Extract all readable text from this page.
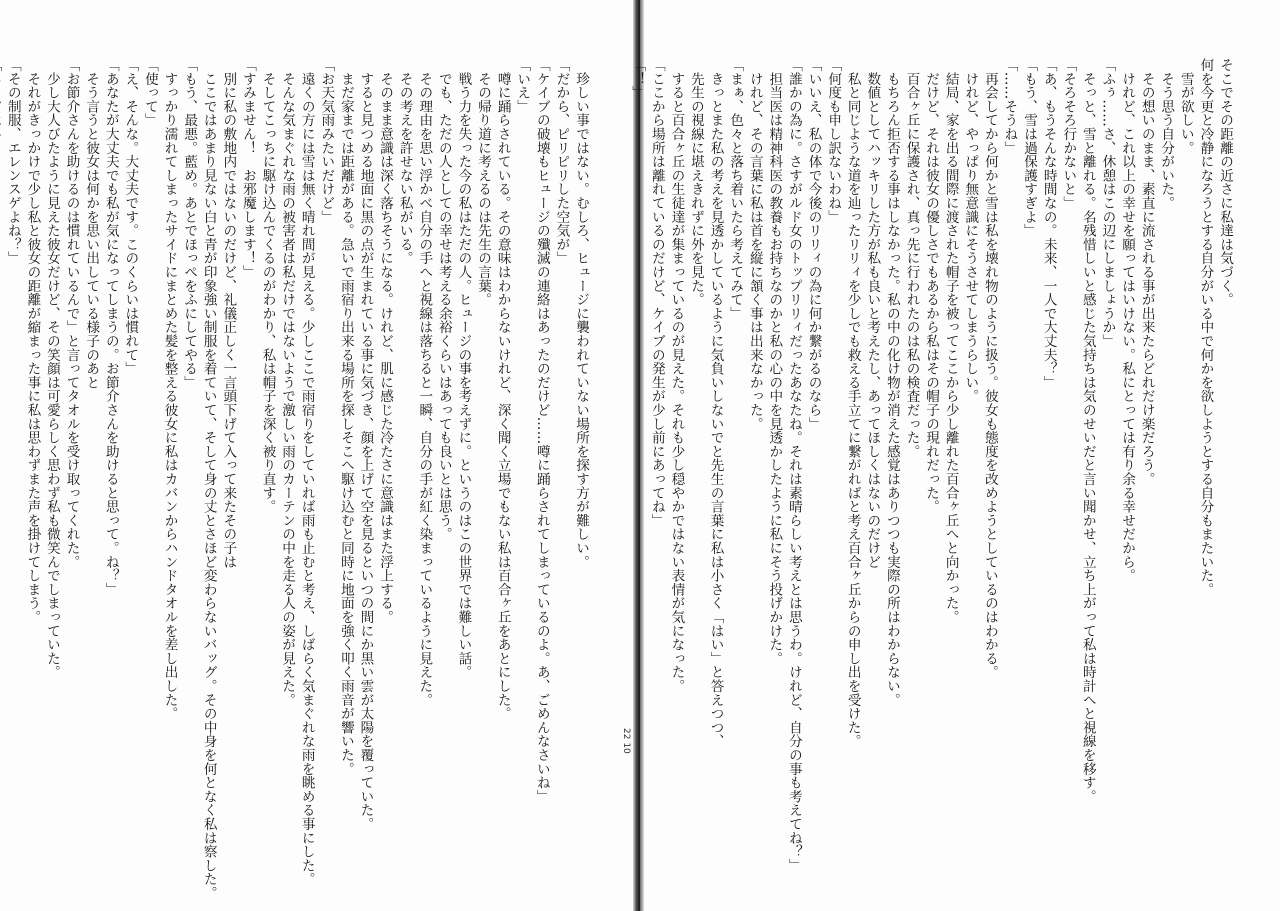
そこでその距離の近さに私達は気づく。
何を今更と冷静になろうとする自分がいる中で何かを欲しようとする自分もまたいた。
　雪が欲しい。
　そう思う自分がいた。
　その想いのまま、素直に流される事が出来たらどれだけ楽だろう。
　けれど、これ以上の幸せを願ってはいけない。私にとっては有り余る幸せだから。
「ふぅ……さ、休憩はこの辺にしましょうか」
　そっと、雪と離れる。名残惜しいと感じた気持ちは気のせいだと言い聞かせ、立ち上がって私は時計へと視線を移す。
「そろそろ行かないと」
「あ、もうそんな時間なの。未来、一人で大丈夫？」
「もう、雪は過保護すぎよ」
「……そうね」
　再会してから何かと雪は私を壊れ物のように扱う。彼女も態度を改めようとしているのはわかる。
　けれど、やっぱり無意識にそうさせてしまうらしい。
　結局、家を出る間際に渡された帽子を被ってここから少し離れた百合ヶ丘へと向かった。
　だけど、それは彼女の優しさでもあるから私はその帽子の現れだった。
　百合ヶ丘に保護され、真っ先に行われたのは私の検査だった。
　もちろん拒否する事はしなかった。私の中の化け物が消えた感覚はありつつも実際の所はわからない。
　数値としてハッキリした方が私も良いと考えたし、あってほしくはないのだけど
　私と同じような道を辿ったリリィを少しでも救える手立てに繋がればと考え百合ヶ丘からの申し出を受けた。
「何度も申し訳ないわね」
「いいえ、私の体で今後のリリィの為に何か繋がるのなら」
「誰かの為に。さすがルド女のトップリリィだったあなたね。それは素晴らしい考えとは思うわ。けれど、自分の事も考えてね？」
　担当医は精神科医の教養もお持ちなのかと私の心の中を見透かしたように私にそう投げかけた。
　けれど、その言葉に私は首を縦に頷く事は出来なかった。
「まぁ、色々と落ち着いたら考えてみて」
　きっとまた私の考えを見透かしているように気負いしないでと先生の言葉に私は小さく「はい」と答えつつ、
　先生の視線に堪えきれずに外を見た。
　すると百合ヶ丘の生徒達が集まっているのが見えた。それも少し穏やかではない表情が気になった。
「ここから場所は離れているのだけど、ケイブの発生が少し前にあってね」
「！」
　珍しい事ではない。むしろ、ヒュージに襲われていない場所を探す方が難しい。
「だから、ピリピリした空気が」
「ケイブの破壊もヒュージの殲滅の連絡はあったのだけど……噂に踊らされてしまっているのよ。あ、ごめんなさいね」
「いえ」
　噂に踊らされている。その意味はわからないけれど、深く聞く立場でもない私は百合ヶ丘をあとにした。
　その帰り道に考えるのは先生の言葉。
　戦う力を失った今の私はただの人。ヒュージの事を考えずに。というのはこの世界では難しい話。
　でも、ただの人としての幸せは考える余裕くらいはあっても良いとは思う。
　その理由を思い浮かべ自分の手へと視線は落ちると一瞬、自分の手が紅く染まっているように見えた。
　その考えを許せない私がいる。
　そのまま意識は深く落ちそうになる。けれど、肌に感じた冷たさに意識はまた浮上する。
　すると見つめる地面に黒の点が生まれている事に気づき、顔を上げて空を見るといつの間にか黒い雲が太陽を覆っていた。
　まだ家までは距離がある。急いで雨宿り出来る場所を探しそこへ駆け込むと同時に地面を強く叩く雨音が響いた。
「お天気雨みたいだけど」
　遠くの方には雪は無く晴れ間が見える。少しここで雨宿りをしていれば雨も止むと考え、しばらく気まぐれな雨を眺める事にした。
　そんな気まぐれな雨の被害者は私だけではないようで激しい雨のカーテンの中を走る人の姿が見えた。
　そしてこっちに駆け込んでくるのがわかり、私は帽子を深く被り直す。
「すみません！　お邪魔します！」
　別に私の敷地内ではないのだけど、礼儀正しく一言頭下げて入って来たその子は
　ここではあまり見ない白と青が印象強い制服を着ていて、そして身の丈とさほど変わらないバッグ。その中身を何となく私は察した。
「もう、最悪。藍め。あとでほっぺをふにしてやる」
　すっかり濡れてしまったサイドにまとめた髪を整える彼女に私はカバンからハンドタオルを差し出した。
「使って」
「え、そんな。大丈夫です。このくらいは慣れて」
「あなたが大丈夫でも私が気になってしまうの。お節介さんを助けると思って。ね？」
　そう言うと彼女は何かを思い出している様子のあと
「お節介さんを助けるのは慣れているんで」と言ってタオルを受け取ってくれた。
　少し大人びたように見えた彼女だけど、その笑顔は可愛らしく思わず私も微笑んでしまっていた。
　それがきっかけで少し私と彼女の距離が縮まった事に私は思わずまた声を掛けてしまう。
「その制服、エレンスゲよね？」
22 10
